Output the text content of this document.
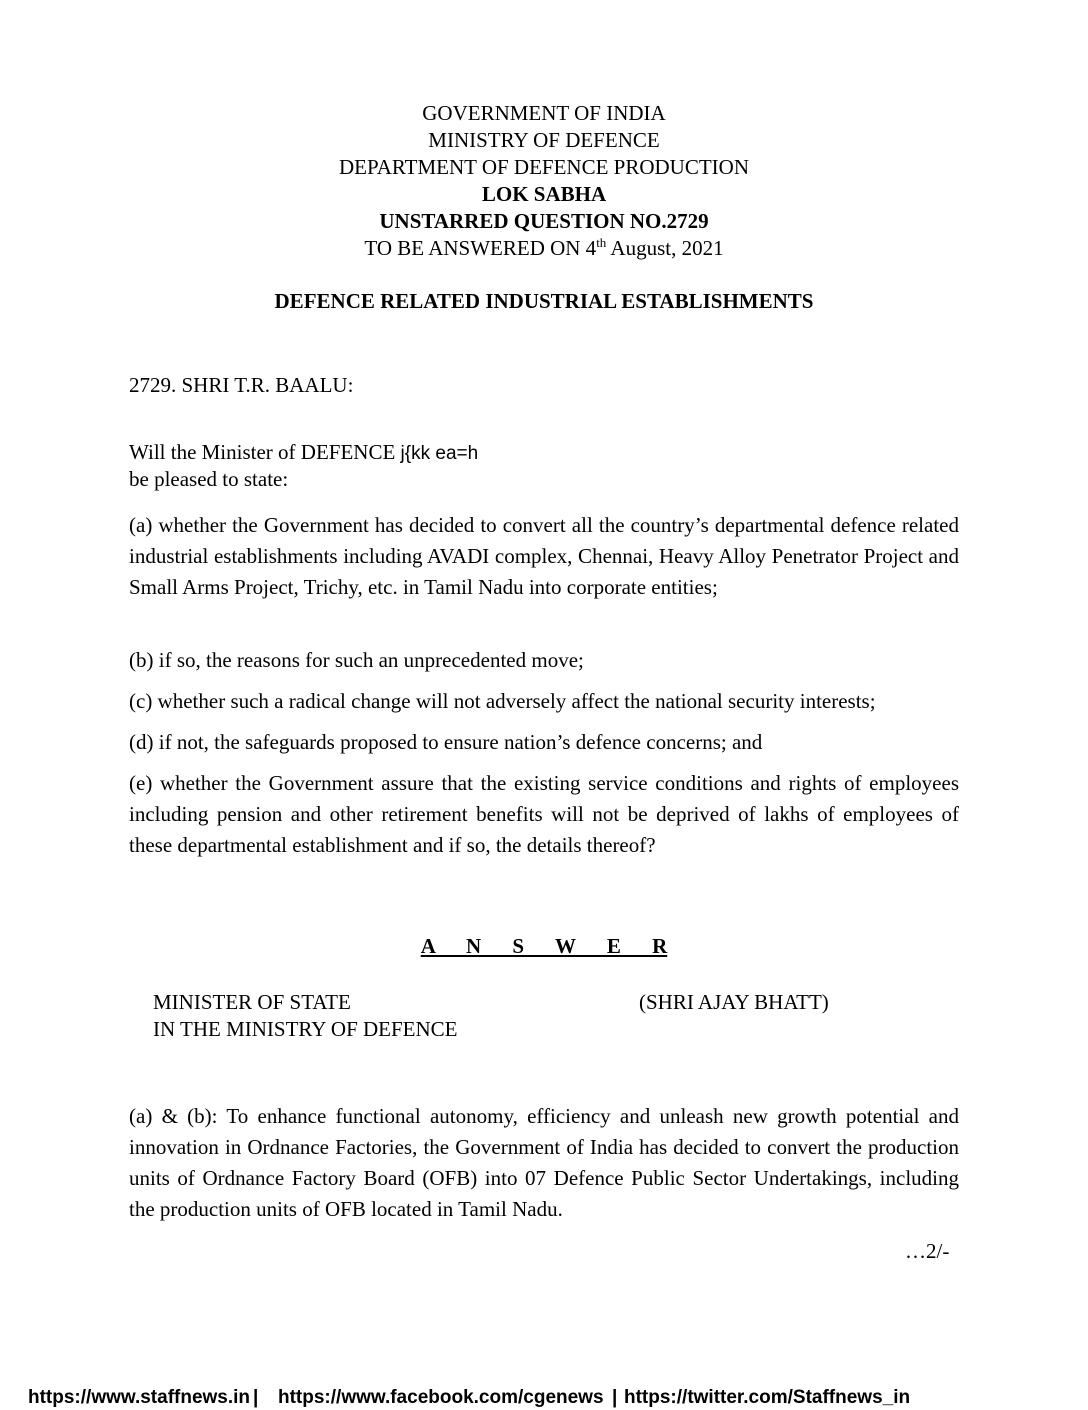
GOVERNMENT OF INDIA
MINISTRY OF DEFENCE
DEPARTMENT OF DEFENCE PRODUCTION
LOK SABHA
UNSTARRED QUESTION NO.2729
TO BE ANSWERED ON 4th August, 2021
DEFENCE RELATED INDUSTRIAL ESTABLISHMENTS
2729. SHRI T.R. BAALU:
Will the Minister of DEFENCE j{kk ea=h
be pleased to state:
(a) whether the Government has decided to convert all the country’s departmental defence related industrial establishments including AVADI complex, Chennai, Heavy Alloy Penetrator Project and Small Arms Project, Trichy, etc. in Tamil Nadu into corporate entities;
(b) if so, the reasons for such an unprecedented move;
(c) whether such a radical change will not adversely affect the national security interests;
(d) if not, the safeguards proposed to ensure nation’s defence concerns; and
(e) whether the Government assure that the existing service conditions and rights of employees including pension and other retirement benefits will not be deprived of lakhs of employees of these departmental establishment and if so, the details thereof?
A N S W E R
MINISTER OF STATE
IN THE MINISTRY OF DEFENCE
(SHRI AJAY BHATT)
(a) & (b): To enhance functional autonomy, efficiency and unleash new growth potential and innovation in Ordnance Factories, the Government of India has decided to convert the production units of Ordnance Factory Board (OFB) into 07 Defence Public Sector Undertakings, including the production units of OFB located in Tamil Nadu.
…2/-
https://www.staffnews.in | https://www.facebook.com/cgenews | https://twitter.com/Staffnews_in
